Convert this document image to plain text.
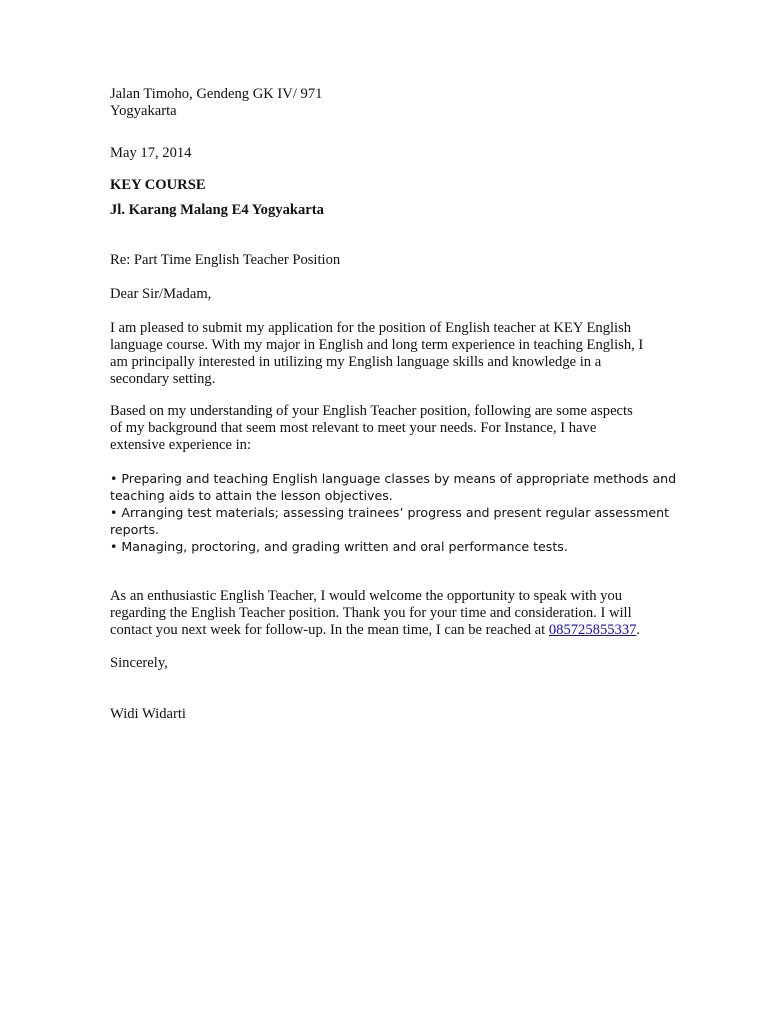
Jalan Timoho, Gendeng GK IV/ 971
Yogyakarta
May 17, 2014
KEY COURSE
Jl. Karang Malang E4 Yogyakarta
Re: Part Time English Teacher Position
Dear Sir/Madam,
I am pleased to submit my application for the position of English teacher at KEY English
language course. With my major in English and long term experience in teaching English, I
am principally interested in utilizing my English language skills and knowledge in a
secondary setting.
Based on my understanding of your English Teacher position, following are some aspects
of my background that seem most relevant to meet your needs. For Instance, I have
extensive experience in:
• Preparing and teaching English language classes by means of appropriate methods and
teaching aids to attain the lesson objectives.
• Arranging test materials; assessing trainees’ progress and present regular assessment
reports.
• Managing, proctoring, and grading written and oral performance tests.
As an enthusiastic English Teacher, I would welcome the opportunity to speak with you
regarding the English Teacher position. Thank you for your time and consideration. I will
contact you next week for follow-up. In the mean time, I can be reached at 085725855337.
Sincerely,
Widi Widarti
